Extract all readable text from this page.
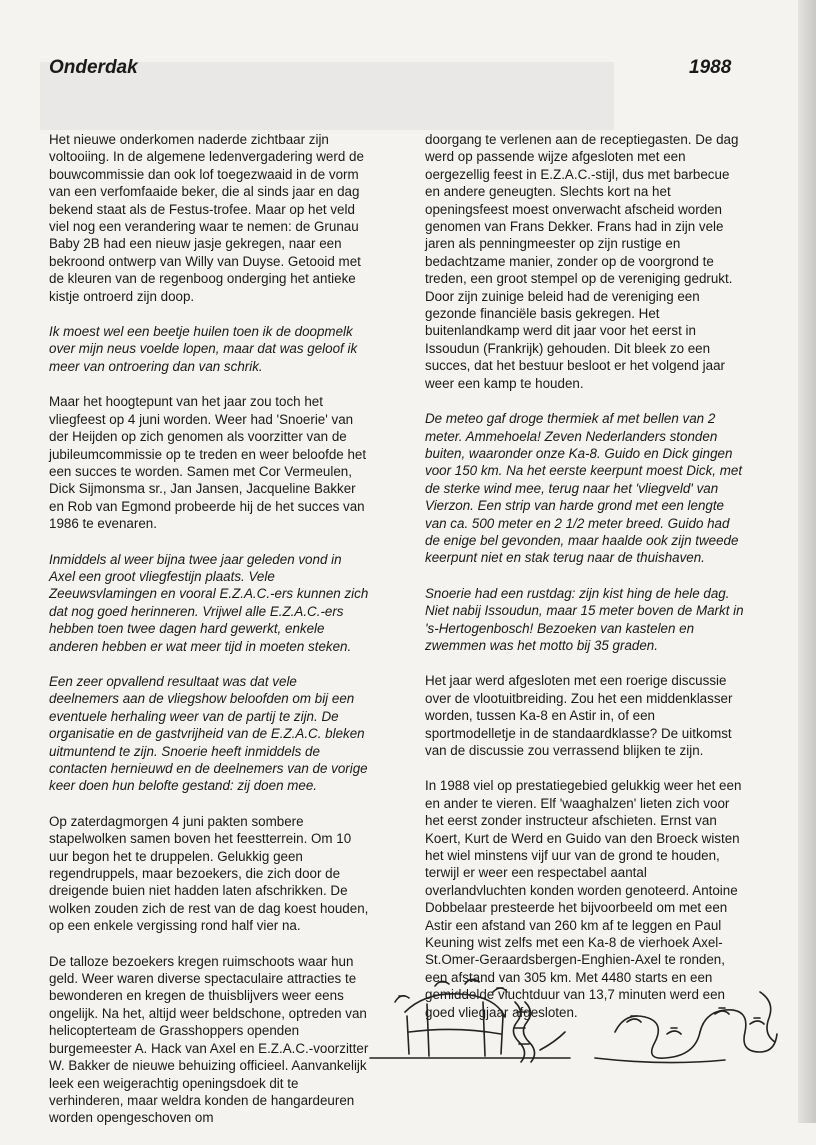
Onderdak	1988

Het nieuwe onderkomen naderde zichtbaar zijn voltooiing. In de algemene ledenvergadering werd de bouwcommissie dan ook lof toegezwaaid in de vorm van een verfomfaaide beker, die al sinds jaar en dag bekend staat als de Festus-trofee. Maar op het veld viel nog een verandering waar te nemen: de Grunau Baby 2B had een nieuw jasje gekregen, naar een bekroond ontwerp van Willy van Duyse. Getooid met de kleuren van de regenboog onderging het antieke kistje ontroerd zijn doop.

Ik moest wel een beetje huilen toen ik de doopmelk over mijn neus voelde lopen, maar dat was geloof ik meer van ontroering dan van schrik.

Maar het hoogtepunt van het jaar zou toch het vliegfeest op 4 juni worden. Weer had 'Snoerie' van der Heijden op zich genomen als voorzitter van de jubileumcommissie op te treden en weer beloofde het een succes te worden. Samen met Cor Vermeulen, Dick Sijmonsma sr., Jan Jansen, Jacqueline Bakker en Rob van Egmond probeerde hij de het succes van 1986 te evenaren.

Inmiddels al weer bijna twee jaar geleden vond in Axel een groot vliegfestijn plaats. Vele Zeeuwsvlamingen en vooral E.Z.A.C.-ers kunnen zich dat nog goed herinneren. Vrijwel alle E.Z.A.C.-ers hebben toen twee dagen hard gewerkt, enkele anderen hebben er wat meer tijd in moeten steken.

Een zeer opvallend resultaat was dat vele deelnemers aan de vliegshow beloofden om bij een eventuele herhaling weer van de partij te zijn. De organisatie en de gastvrijheid van de E.Z.A.C. bleken uitmuntend te zijn. Snoerie heeft inmiddels de contacten hernieuwd en de deelnemers van de vorige keer doen hun belofte gestand: zij doen mee.

Op zaterdagmorgen 4 juni pakten sombere stapelwolken samen boven het feestterrein. Om 10 uur begon het te druppelen. Gelukkig geen regendruppels, maar bezoekers, die zich door de dreigende buien niet hadden laten afschrikken. De wolken zouden zich de rest van de dag koest houden, op een enkele vergissing rond half vier na.

De talloze bezoekers kregen ruimschoots waar hun geld. Weer waren diverse spectaculaire attracties te bewonderen en kregen de thuisblijvers weer eens ongelijk. Na het, altijd weer beldschone, optreden van helicopterteam de Grasshoppers openden burgemeester A. Hack van Axel en E.Z.A.C.-voorzitter W. Bakker de nieuwe behuizing officieel. Aanvankelijk leek een weigerachtig openingsdoek dit te verhinderen, maar weldra konden de hangardeuren worden opengeschoven om

doorgang te verlenen aan de receptiegasten. De dag werd op passende wijze afgesloten met een oergezellig feest in E.Z.A.C.-stijl, dus met barbecue en andere geneugten. Slechts kort na het openingsfeest moest onverwacht afscheid worden genomen van Frans Dekker. Frans had in zijn vele jaren als penningmeester op zijn rustige en bedachtzame manier, zonder op de voorgrond te treden, een groot stempel op de vereniging gedrukt. Door zijn zuinige beleid had de vereniging een gezonde financiële basis gekregen. Het buitenlandkamp werd dit jaar voor het eerst in Issoudun (Frankrijk) gehouden. Dit bleek zo een succes, dat het bestuur besloot er het volgend jaar weer een kamp te houden.

De meteo gaf droge thermiek af met bellen van 2 meter. Ammehoela! Zeven Nederlanders stonden buiten, waaronder onze Ka-8. Guido en Dick gingen voor 150 km. Na het eerste keerpunt moest Dick, met de sterke wind mee, terug naar het 'vliegveld' van Vierzon. Een strip van harde grond met een lengte van ca. 500 meter en 2 1/2 meter breed. Guido had de enige bel gevonden, maar haalde ook zijn tweede keerpunt niet en stak terug naar de thuishaven.

Snoerie had een rustdag: zijn kist hing de hele dag. Niet nabij Issoudun, maar 15 meter boven de Markt in 's-Hertogenbosch! Bezoeken van kastelen en zwemmen was het motto bij 35 graden.

Het jaar werd afgesloten met een roerige discussie over de vlootuitbreiding. Zou het een middenklasser worden, tussen Ka-8 en Astir in, of een sportmodelletje in de standaardklasse? De uitkomst van de discussie zou verrassend blijken te zijn.

In 1988 viel op prestatiegebied gelukkig weer het een en ander te vieren. Elf 'waaghalzen' lieten zich voor het eerst zonder instructeur afschieten. Ernst van Koert, Kurt de Werd en Guido van den Broeck wisten het wiel minstens vijf uur van de grond te houden, terwijl er weer een respectabel aantal overlandvluchten konden worden genoteerd. Antoine Dobbelaar presteerde het bijvoorbeeld om met een Astir een afstand van 260 km af te leggen en Paul Keuning wist zelfs met een Ka-8 de vierhoek Axel-St.Omer-Geraardsbergen-Enghien-Axel te ronden, een afstand van 305 km. Met 4480 starts en een gemiddelde vluchtduur van 13,7 minuten werd een goed vliegjaar afgesloten.
